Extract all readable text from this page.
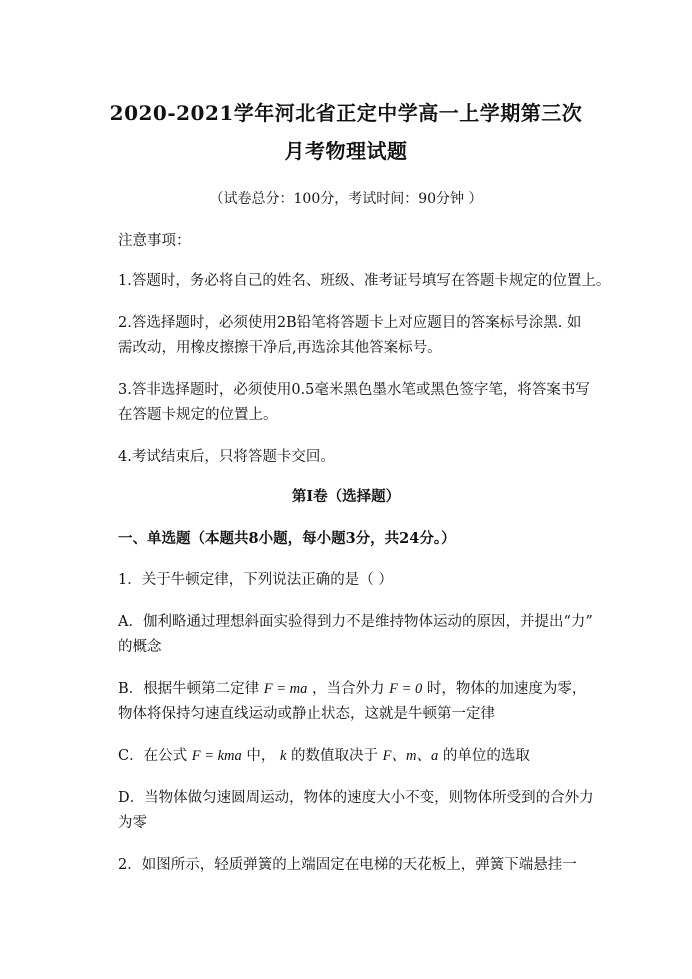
2020-2021学年河北省正定中学高一上学期第三次
月考物理试题
（试卷总分：100分，考试时间：90分钟 ）
注意事项：
1.答题时，务必将自己的姓名、班级、准考证号填写在答题卡规定的位置上。
2.答选择题时，必须使用2B铅笔将答题卡上对应题目的答案标号涂黑. 如
需改动，用橡皮擦擦干净后,再选涂其他答案标号。
3.答非选择题时，必须使用0.5毫米黑色墨水笔或黑色签字笔，将答案书写
在答题卡规定的位置上。
4.考试结束后，只将答题卡交回。
第Ⅰ卷（选择题）
一、单选题（本题共8小题，每小题3分，共24分。）
1．关于牛顿定律，下列说法正确的是（ ）
A．伽利略通过理想斜面实验得到力不是维持物体运动的原因，并提出“力”
的概念
B．根据牛顿第二定律 F = ma ，当合外力 F = 0 时，物体的加速度为零，
物体将保持匀速直线运动或静止状态，这就是牛顿第一定律
C．在公式 F = kma 中， k 的数值取决于 F、m、a 的单位的选取
D．当物体做匀速圆周运动，物体的速度大小不变，则物体所受到的合外力
为零
2．如图所示，轻质弹簧的上端固定在电梯的天花板上，弹簧下端悬挂一
